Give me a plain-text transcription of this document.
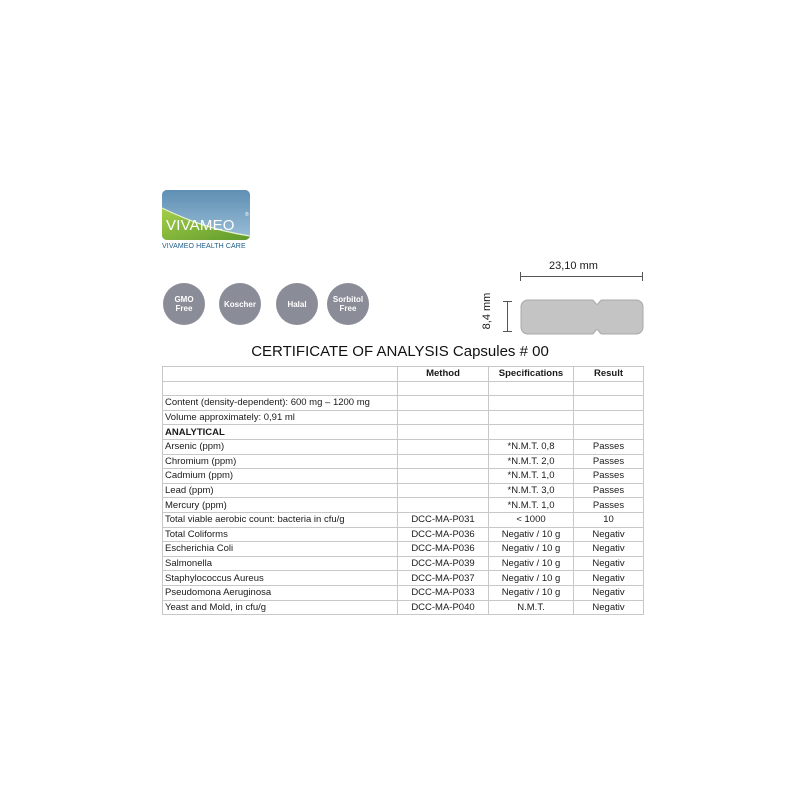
VIVAMEO
®
VIVAMEO HEALTH CARE
GMO Free	Koscher	Halal	Sorbitol Free
23,10 mm
8,4 mm
CERTIFICATE OF ANALYSIS Capsules # 00
	Method	Specifications	Result

Content (density-dependent): 600 mg – 1200 mg			
Volume approximately: 0,91 ml			
ANALYTICAL			
Arsenic (ppm)		*N.M.T. 0,8	Passes
Chromium (ppm)		*N.M.T. 2,0	Passes
Cadmium (ppm)		*N.M.T. 1,0	Passes
Lead (ppm)		*N.M.T. 3,0	Passes
Mercury (ppm)		*N.M.T. 1,0	Passes
Total viable aerobic count: bacteria in cfu/g	DCC-MA-P031	< 1000	10
Total Coliforms	DCC-MA-P036	Negativ / 10 g	Negativ
Escherichia Coli	DCC-MA-P036	Negativ / 10 g	Negativ
Salmonella	DCC-MA-P039	Negativ / 10 g	Negativ
Staphylococcus Aureus	DCC-MA-P037	Negativ / 10 g	Negativ
Pseudomona Aeruginosa	DCC-MA-P033	Negativ / 10 g	Negativ
Yeast and Mold, in cfu/g	DCC-MA-P040	N.M.T.	Negativ
